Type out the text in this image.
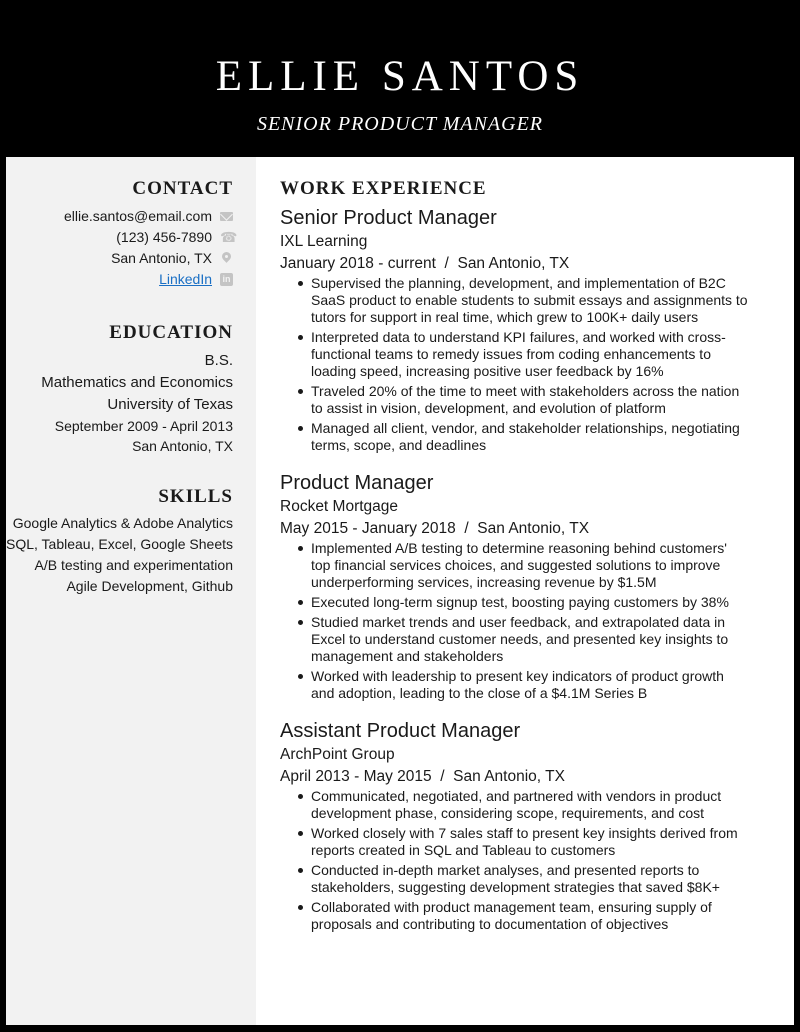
ELLIE SANTOS
SENIOR PRODUCT MANAGER
CONTACT
ellie.santos@email.com
(123) 456-7890
☎
San Antonio, TX
LinkedIn in
EDUCATION
B.S.
Mathematics and Economics
University of Texas
September 2009 - April 2013
San Antonio, TX
SKILLS
Google Analytics & Adobe Analytics
SQL, Tableau, Excel, Google Sheets
A/B testing and experimentation
Agile Development, Github
WORK EXPERIENCE
Senior Product Manager
IXL Learning
January 2018 - current  /  San Antonio, TX
Supervised the planning, development, and implementation of B2C SaaS product to enable students to submit essays and assignments to tutors for support in real time, which grew to 100K+ daily users
Interpreted data to understand KPI failures, and worked with cross-functional teams to remedy issues from coding enhancements to loading speed, increasing positive user feedback by 16%
Traveled 20% of the time to meet with stakeholders across the nation to assist in vision, development, and evolution of platform
Managed all client, vendor, and stakeholder relationships, negotiating terms, scope, and deadlines
Product Manager
Rocket Mortgage
May 2015 - January 2018  /  San Antonio, TX
Implemented A/B testing to determine reasoning behind customers' top financial services choices, and suggested solutions to improve underperforming services, increasing revenue by $1.5M
Executed long-term signup test, boosting paying customers by 38%
Studied market trends and user feedback, and extrapolated data in Excel to understand customer needs, and presented key insights to management and stakeholders
Worked with leadership to present key indicators of product growth and adoption, leading to the close of a $4.1M Series B
Assistant Product Manager
ArchPoint Group
April 2013 - May 2015  /  San Antonio, TX
Communicated, negotiated, and partnered with vendors in product development phase, considering scope, requirements, and cost
Worked closely with 7 sales staff to present key insights derived from reports created in SQL and Tableau to customers
Conducted in-depth market analyses, and presented reports to stakeholders, suggesting development strategies that saved $8K+
Collaborated with product management team, ensuring supply of proposals and contributing to documentation of objectives
